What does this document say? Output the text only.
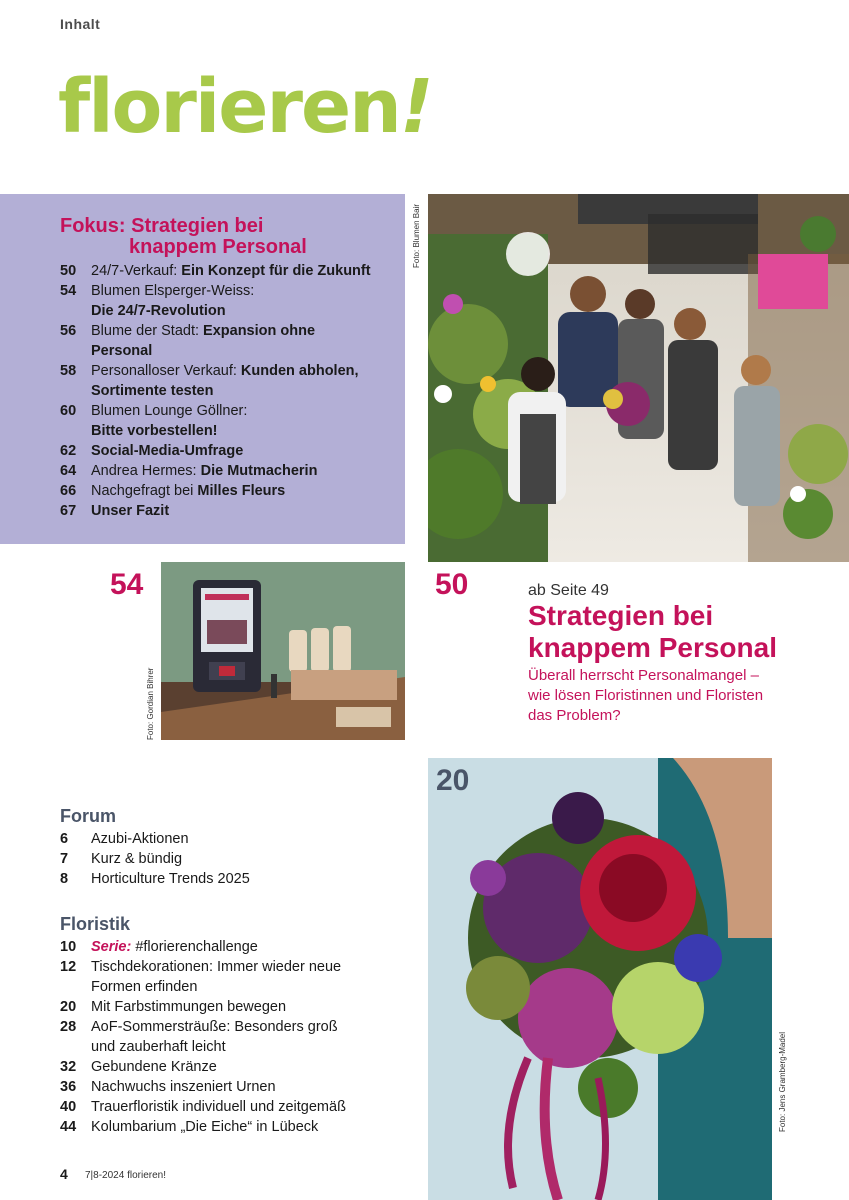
Inhalt
florieren!
Fokus: Strategien bei
knappem Personal
50	24/7-Verkauf: Ein Konzept für die Zukunft
54	Blumen Elsperger-Weiss:
Die 24/7-Revolution
56	Blume der Stadt: Expansion ohne
Personal
58	Personalloser Verkauf: Kunden abholen,
Sortimente testen
60	Blumen Lounge Göllner:
Bitte vorbestellen!
62	Social-Media-Umfrage
64	Andrea Hermes: Die Mutmacherin
66	Nachgefragt bei Milles Fleurs
67	Unser Fazit
Foto: Blumen Bair
54
Foto: Gordian Bihrer
50	ab Seite 49
Strategien bei
knappem Personal
Überall herrscht Personalmangel –
wie lösen Floristinnen und Floristen
das Problem?
Forum
6	Azubi-Aktionen
7	Kurz & bündig
8	Horticulture Trends 2025
Floristik
10	Serie: #florierenchallenge
12	Tischdekorationen: Immer wieder neue
Formen erfinden
20	Mit Farbstimmungen bewegen
28	AoF-Sommersträuße: Besonders groß
und zauberhaft leicht
32	Gebundene Kränze
36	Nachwuchs inszeniert Urnen
40	Trauerfloristik individuell und zeitgemäß
44	Kolumbarium „Die Eiche“ in Lübeck
20
Foto: Jens Gramberg-Madel
4 7|8-2024 florieren!
